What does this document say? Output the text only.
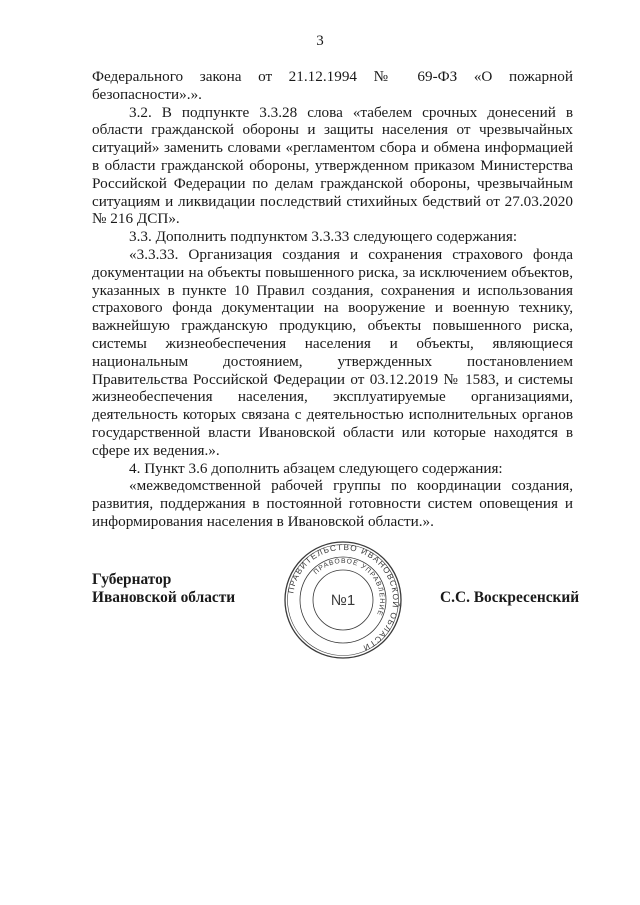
3

Федерального закона от 21.12.1994 № 69-ФЗ «О пожарной безопасности».».

3.2. В подпункте 3.3.28 слова «табелем срочных донесений в области гражданской обороны и защиты населения от чрезвычайных ситуаций» заменить словами «регламентом сбора и обмена информацией в области гражданской обороны, утвержденном приказом Министерства Российской Федерации по делам гражданской обороны, чрезвычайным ситуациям и ликвидации последствий стихийных бедствий от 27.03.2020 № 216 ДСП».

3.3. Дополнить подпунктом 3.3.33 следующего содержания:

«3.3.33. Организация создания и сохранения страхового фонда документации на объекты повышенного риска, за исключением объектов, указанных в пункте 10 Правил создания, сохранения и использования страхового фонда документации на вооружение и военную технику, важнейшую гражданскую продукцию, объекты повышенного риска, системы жизнеобеспечения населения и объекты, являющиеся национальным достоянием, утвержденных постановлением Правительства Российской Федерации от 03.12.2019 № 1583, и системы жизнеобеспечения населения, эксплуатируемые организациями, деятельность которых связана с деятельностью исполнительных органов государственной власти Ивановской области или которые находятся в сфере их ведения.».

4. Пункт 3.6 дополнить абзацем следующего содержания:

«межведомственной рабочей группы по координации создания, развития, поддержания в постоянной готовности систем оповещения и информирования населения в Ивановской области.».

Губернатор
Ивановской области	ПРАВИТЕЛЬСТВО ИВАНОВСКОЙ ОБЛАСТИ
ПРАВОВОЕ УПРАВЛЕНИЕ
№1	С.С. Воскресенский
